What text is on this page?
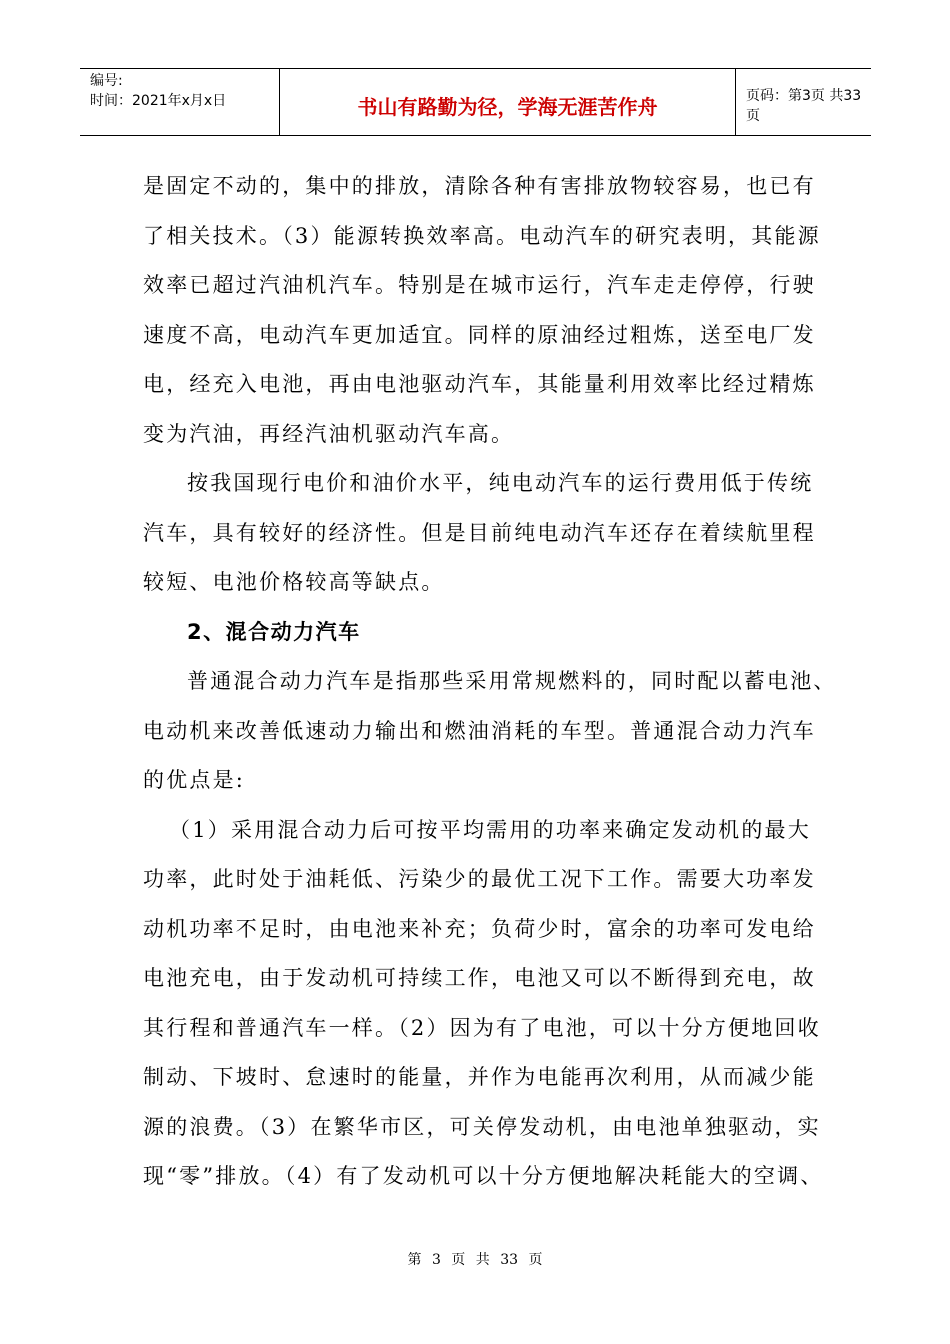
编号:
时间：2021年x月x日	书山有路勤为径，学海无涯苦作舟	页码：第3页 共33页
是固定不动的，集中的排放，清除各种有害排放物较容易，也已有
了相关技术。（3）能源转换效率高。电动汽车的研究表明，其能源
效率已超过汽油机汽车。特别是在城市运行，汽车走走停停，行驶
速度不高，电动汽车更加适宜。同样的原油经过粗炼，送至电厂发
电，经充入电池，再由电池驱动汽车，其能量利用效率比经过精炼
变为汽油，再经汽油机驱动汽车高。
按我国现行电价和油价水平，纯电动汽车的运行费用低于传统
汽车，具有较好的经济性。但是目前纯电动汽车还存在着续航里程
较短、电池价格较高等缺点。
2、混合动力汽车
普通混合动力汽车是指那些采用常规燃料的，同时配以蓄电池、
电动机来改善低速动力输出和燃油消耗的车型。普通混合动力汽车
的优点是:
（1）采用混合动力后可按平均需用的功率来确定发动机的最大
功率，此时处于油耗低、污染少的最优工况下工作。需要大功率发
动机功率不足时，由电池来补充；负荷少时，富余的功率可发电给
电池充电，由于发动机可持续工作，电池又可以不断得到充电，故
其行程和普通汽车一样。（2）因为有了电池，可以十分方便地回收
制动、下坡时、怠速时的能量，并作为电能再次利用，从而减少能
源的浪费。（3）在繁华市区，可关停发动机，由电池单独驱动，实
现“零”排放。（4）有了发动机可以十分方便地解决耗能大的空调、
第 3 页 共 33 页
